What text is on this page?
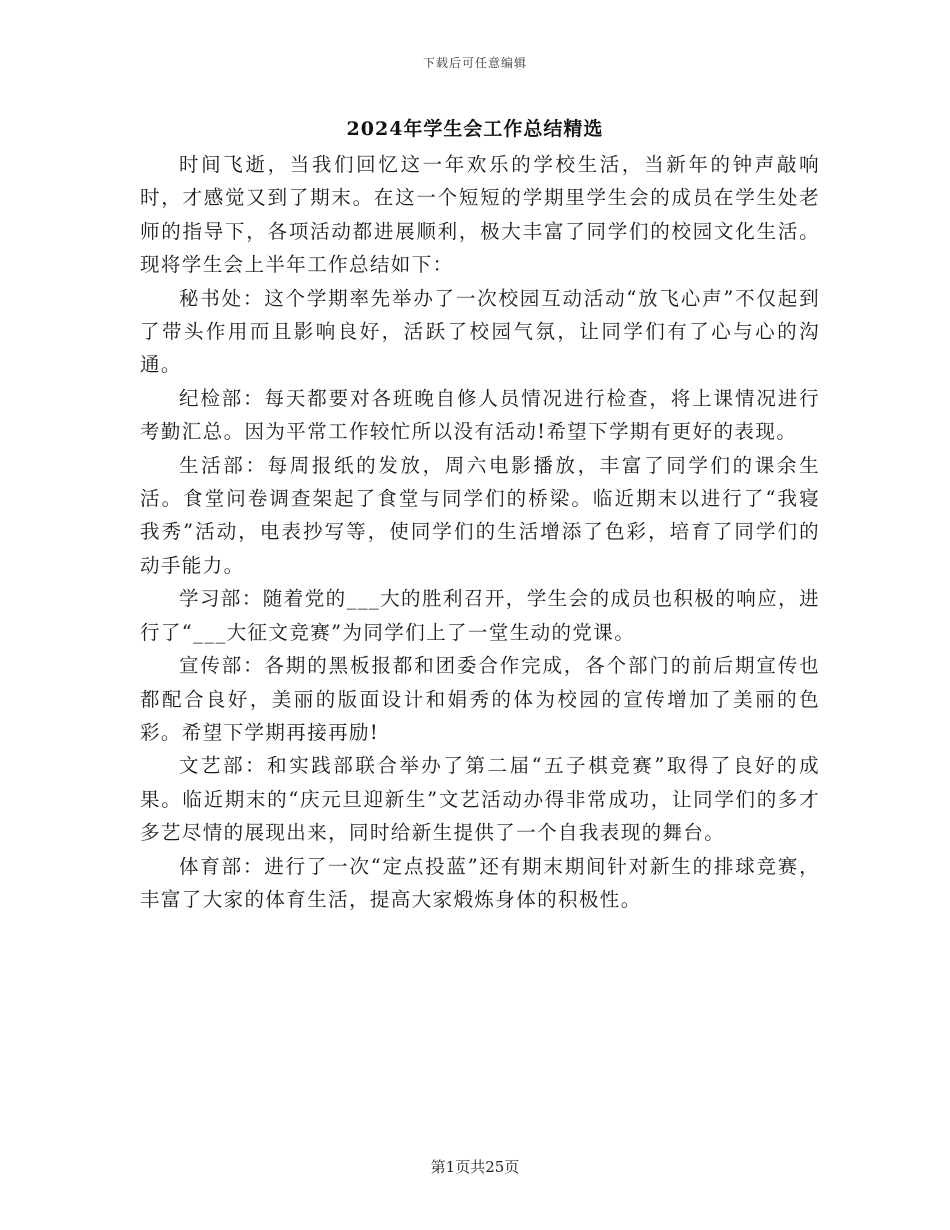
下载后可任意编辑
2024年学生会工作总结精选

时间飞逝，当我们回忆这一年欢乐的学校生活，当新年的钟声敲响时，才感觉又到了期末。在这一个短短的学期里学生会的成员在学生处老师的指导下，各项活动都进展顺利，极大丰富了同学们的校园文化生活。现将学生会上半年工作总结如下：

秘书处：这个学期率先举办了一次校园互动活动“放飞心声”不仅起到了带头作用而且影响良好，活跃了校园气氛，让同学们有了心与心的沟通。

纪检部：每天都要对各班晚自修人员情况进行检查，将上课情况进行考勤汇总。因为平常工作较忙所以没有活动!希望下学期有更好的表现。

生活部：每周报纸的发放，周六电影播放，丰富了同学们的课余生活。食堂问卷调查架起了食堂与同学们的桥梁。临近期末以进行了“我寝我秀”活动，电表抄写等，使同学们的生活增添了色彩，培育了同学们的动手能力。

学习部：随着党的___大的胜利召开，学生会的成员也积极的响应，进行了“___大征文竞赛”为同学们上了一堂生动的党课。

宣传部：各期的黑板报都和团委合作完成，各个部门的前后期宣传也都配合良好，美丽的版面设计和娟秀的体为校园的宣传增加了美丽的色彩。希望下学期再接再励!

文艺部：和实践部联合举办了第二届“五子棋竞赛”取得了良好的成果。临近期末的“庆元旦迎新生”文艺活动办得非常成功，让同学们的多才多艺尽情的展现出来，同时给新生提供了一个自我表现的舞台。

体育部：进行了一次“定点投蓝”还有期末期间针对新生的排球竞赛，丰富了大家的体育生活，提高大家煅炼身体的积极性。

第1页共25页
